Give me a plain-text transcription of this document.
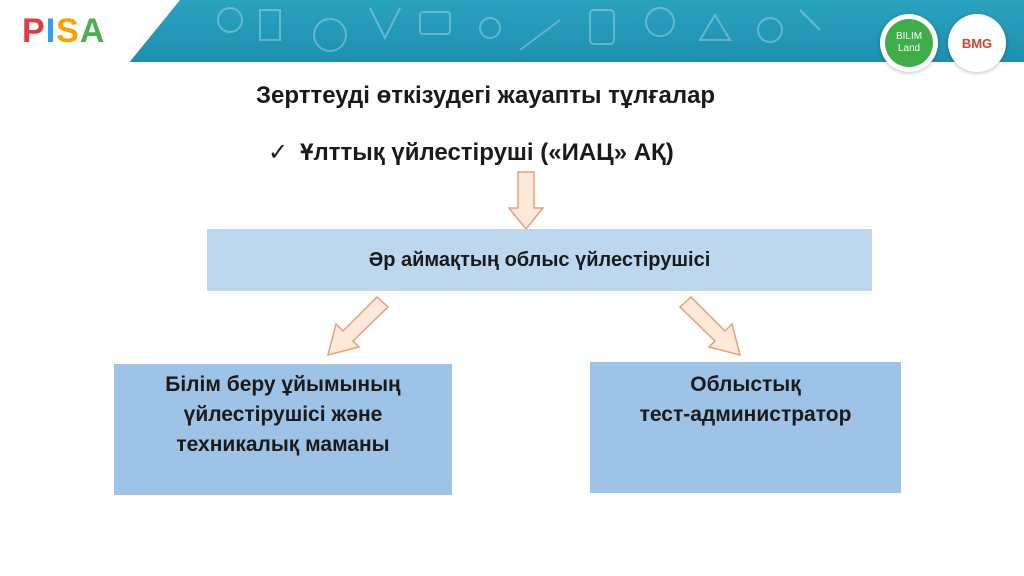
PISA	BILIM
Land	BMG
Зерттеуді өткізудегі жауапты тұлғалар
✓ Ұлттық үйлестіруші («ИАЦ» АҚ)
Әр аймақтың облыс үйлестірушісі
Білім беру ұйымының
үйлестірушісі және
техникалық маманы
Облыстық
тест-администратор
